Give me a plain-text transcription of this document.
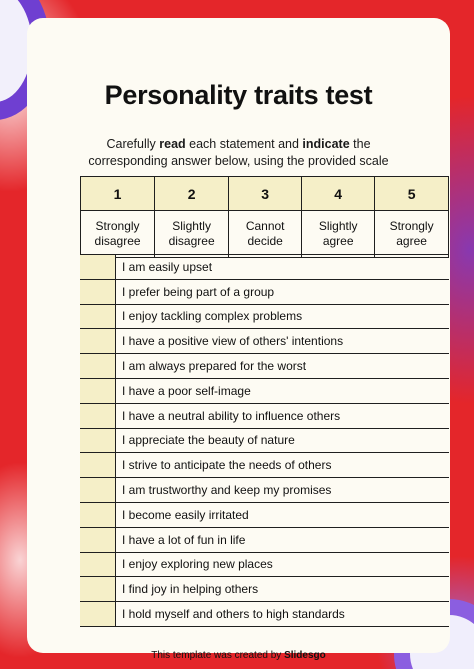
Personality traits test
Carefully read each statement and indicate the corresponding answer below, using the provided scale
1	2	3	4	5
Strongly disagree	Slightly disagree	Cannot decide	Slightly agree	Strongly agree
	I am easily upset
	I prefer being part of a group
	I enjoy tackling complex problems
	I have a positive view of others' intentions
	I am always prepared for the worst
	I have a poor self-image
	I have a neutral ability to influence others
	I appreciate the beauty of nature
	I strive to anticipate the needs of others
	I am trustworthy and keep my promises
	I become easily irritated
	I have a lot of fun in life
	I enjoy exploring new places
	I find joy in helping others
	I hold myself and others to high standards
This template was created by Slidesgo
